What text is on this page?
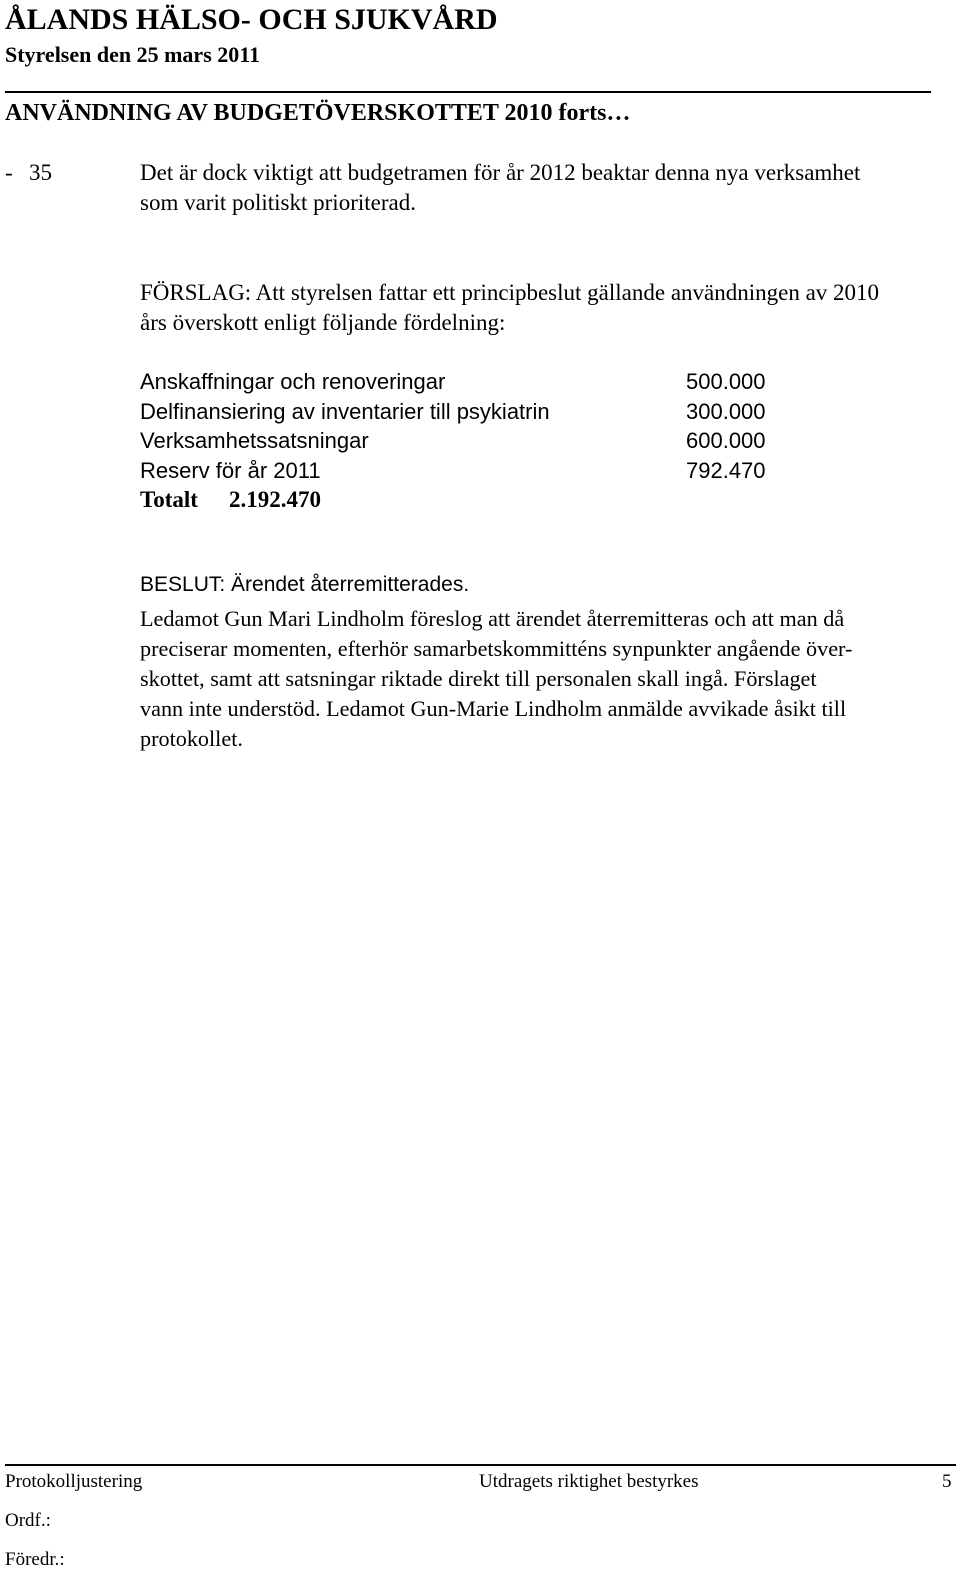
ÅLANDS HÄLSO- OCH SJUKVÅRD
Styrelsen den 25 mars 2011
ANVÄNDNING AV BUDGETÖVERSKOTTET 2010 forts…
- 35	Det är dock viktigt att budgetramen för år 2012 beaktar denna nya verksamhet
som varit politiskt prioriterad.
FÖRSLAG: Att styrelsen fattar ett principbeslut gällande användningen av 2010
års överskott enligt följande fördelning:
Anskaffningar och renoveringar	500.000
Delfinansiering av inventarier till psykiatrin	300.000
Verksamhetssatsningar	600.000
Reserv för år 2011	792.470
Totalt 2.192.470
BESLUT: Ärendet återremitterades.
Ledamot Gun Mari Lindholm föreslog att ärendet återremitteras och att man då
preciserar momenten, efterhör samarbetskommitténs synpunkter angående över-
skottet, samt att satsningar riktade direkt till personalen skall ingå. Förslaget
vann inte understöd. Ledamot Gun-Marie Lindholm anmälde avvikade åsikt till
protokollet.
Protokolljustering	Utdragets riktighet bestyrkes	5
Ordf.:
Föredr.:
